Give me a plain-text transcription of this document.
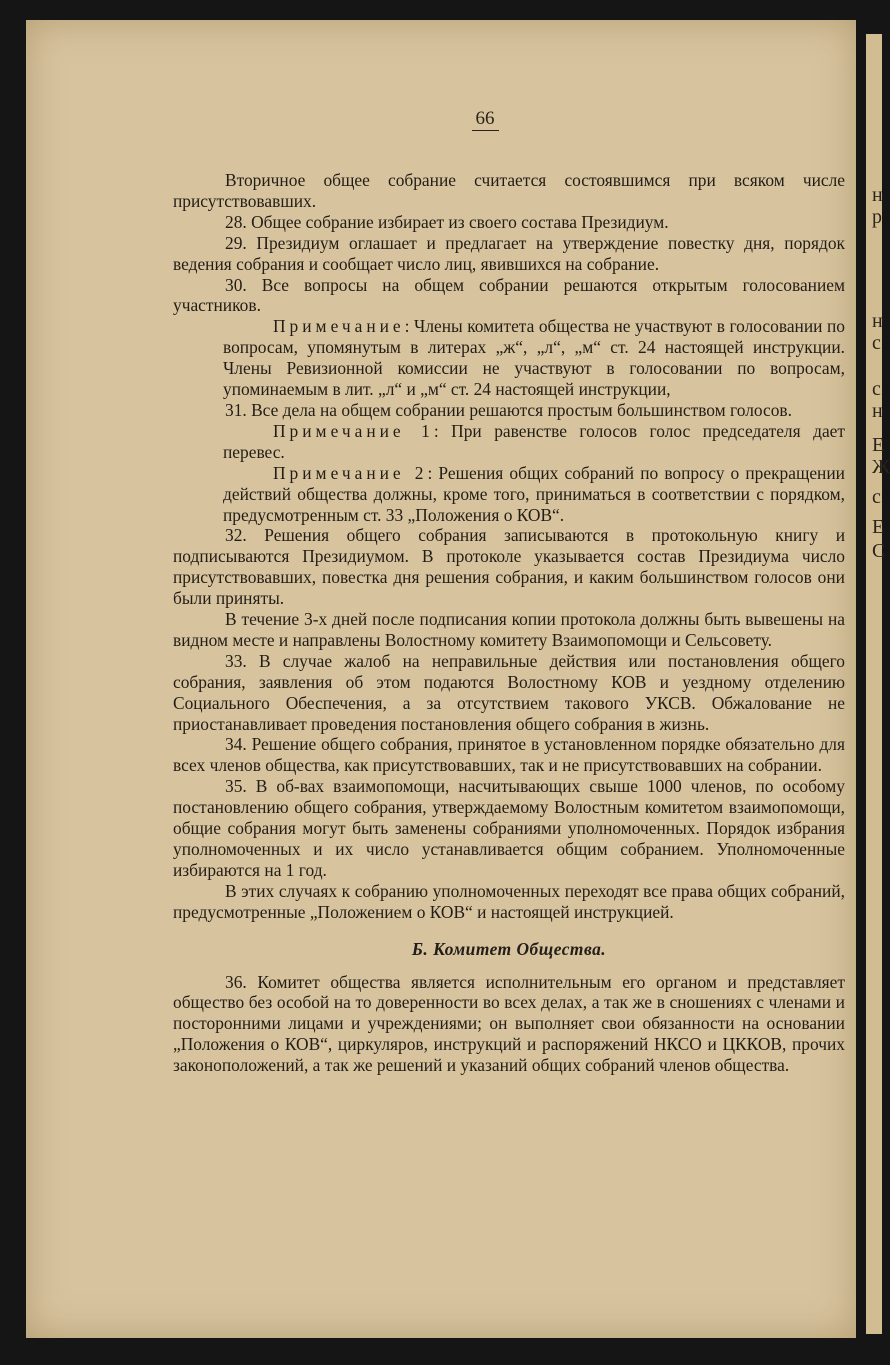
66

Вторичное общее собрание считается состоявшимся при всяком числе присутствовавших.

28. Общее собрание избирает из своего состава Президиум.

29. Президиум оглашает и предлагает на утверждение повестку дня, порядок ведения собрания и сообщает число лиц, явившихся на собрание.

30. Все вопросы на общем собрании решаются открытым голосованием участников.

Примечание: Члены комитета общества не участвуют в голосовании по вопросам, упомянутым в литерах „ж“, „л“, „м“ ст. 24 настоящей инструкции. Члены Ревизионной комиссии не участвуют в голосовании по вопросам, упоминаемым в лит. „л“ и „м“ ст. 24 настоящей инструкции,

31. Все дела на общем собрании решаются простым большинством голосов.

Примечание 1: При равенстве голосов голос председателя дает перевес.

Примечание 2: Решения общих собраний по вопросу о прекращении действий общества должны, кроме того, приниматься в соответствии с порядком, предусмотренным ст. 33 „Положения о КОВ“.

32. Решения общего собрания записываются в протокольную книгу и подписываются Президиумом. В протоколе указывается состав Президиума число присутствовавших, повестка дня решения собрания, и каким большинством голосов они были приняты.

В течение 3-х дней после подписания копии протокола должны быть вывешены на видном месте и направлены Волостному комитету Взаимопомощи и Сельсовету.

33. В случае жалоб на неправильные действия или постановления общего собрания, заявления об этом подаются Волостному КОВ и уездному отделению Социального Обеспечения, а за отсутствием такового УКСВ. Обжалование не приостанавливает проведения постановления общего собрания в жизнь.

34. Решение общего собрания, принятое в установленном порядке обязательно для всех членов общества, как присутствовавших, так и не присутствовавших на собрании.

35. В об-вах взаимопомощи, насчитывающих свыше 1000 членов, по особому постановлению общего собрания, утверждаемому Волостным комитетом взаимопомощи, общие собрания могут быть заменены собраниями уполномоченных. Порядок избрания уполномоченных и их число устанавливается общим собранием. Уполномоченные избираются на 1 год.

В этих случаях к собранию уполномоченных переходят все права общих собраний, предусмотренные „Положением о КОВ“ и настоящей инструкцией.

Б. Комитет Общества.

36. Комитет общества является исполнительным его органом и представляет общество без особой на то доверенности во всех делах, а так же в сношениях с членами и посторонними лицами и учреждениями; он выполняет свои обязанности на основании „Положения о КОВ“, циркуляров, инструкций и распоряжений НКСО и ЦККОВ, прочих законоположений, а так же решений и указаний общих собраний членов общества.

н
р
н
с
с
н
Е
Ж
с
Е
С
